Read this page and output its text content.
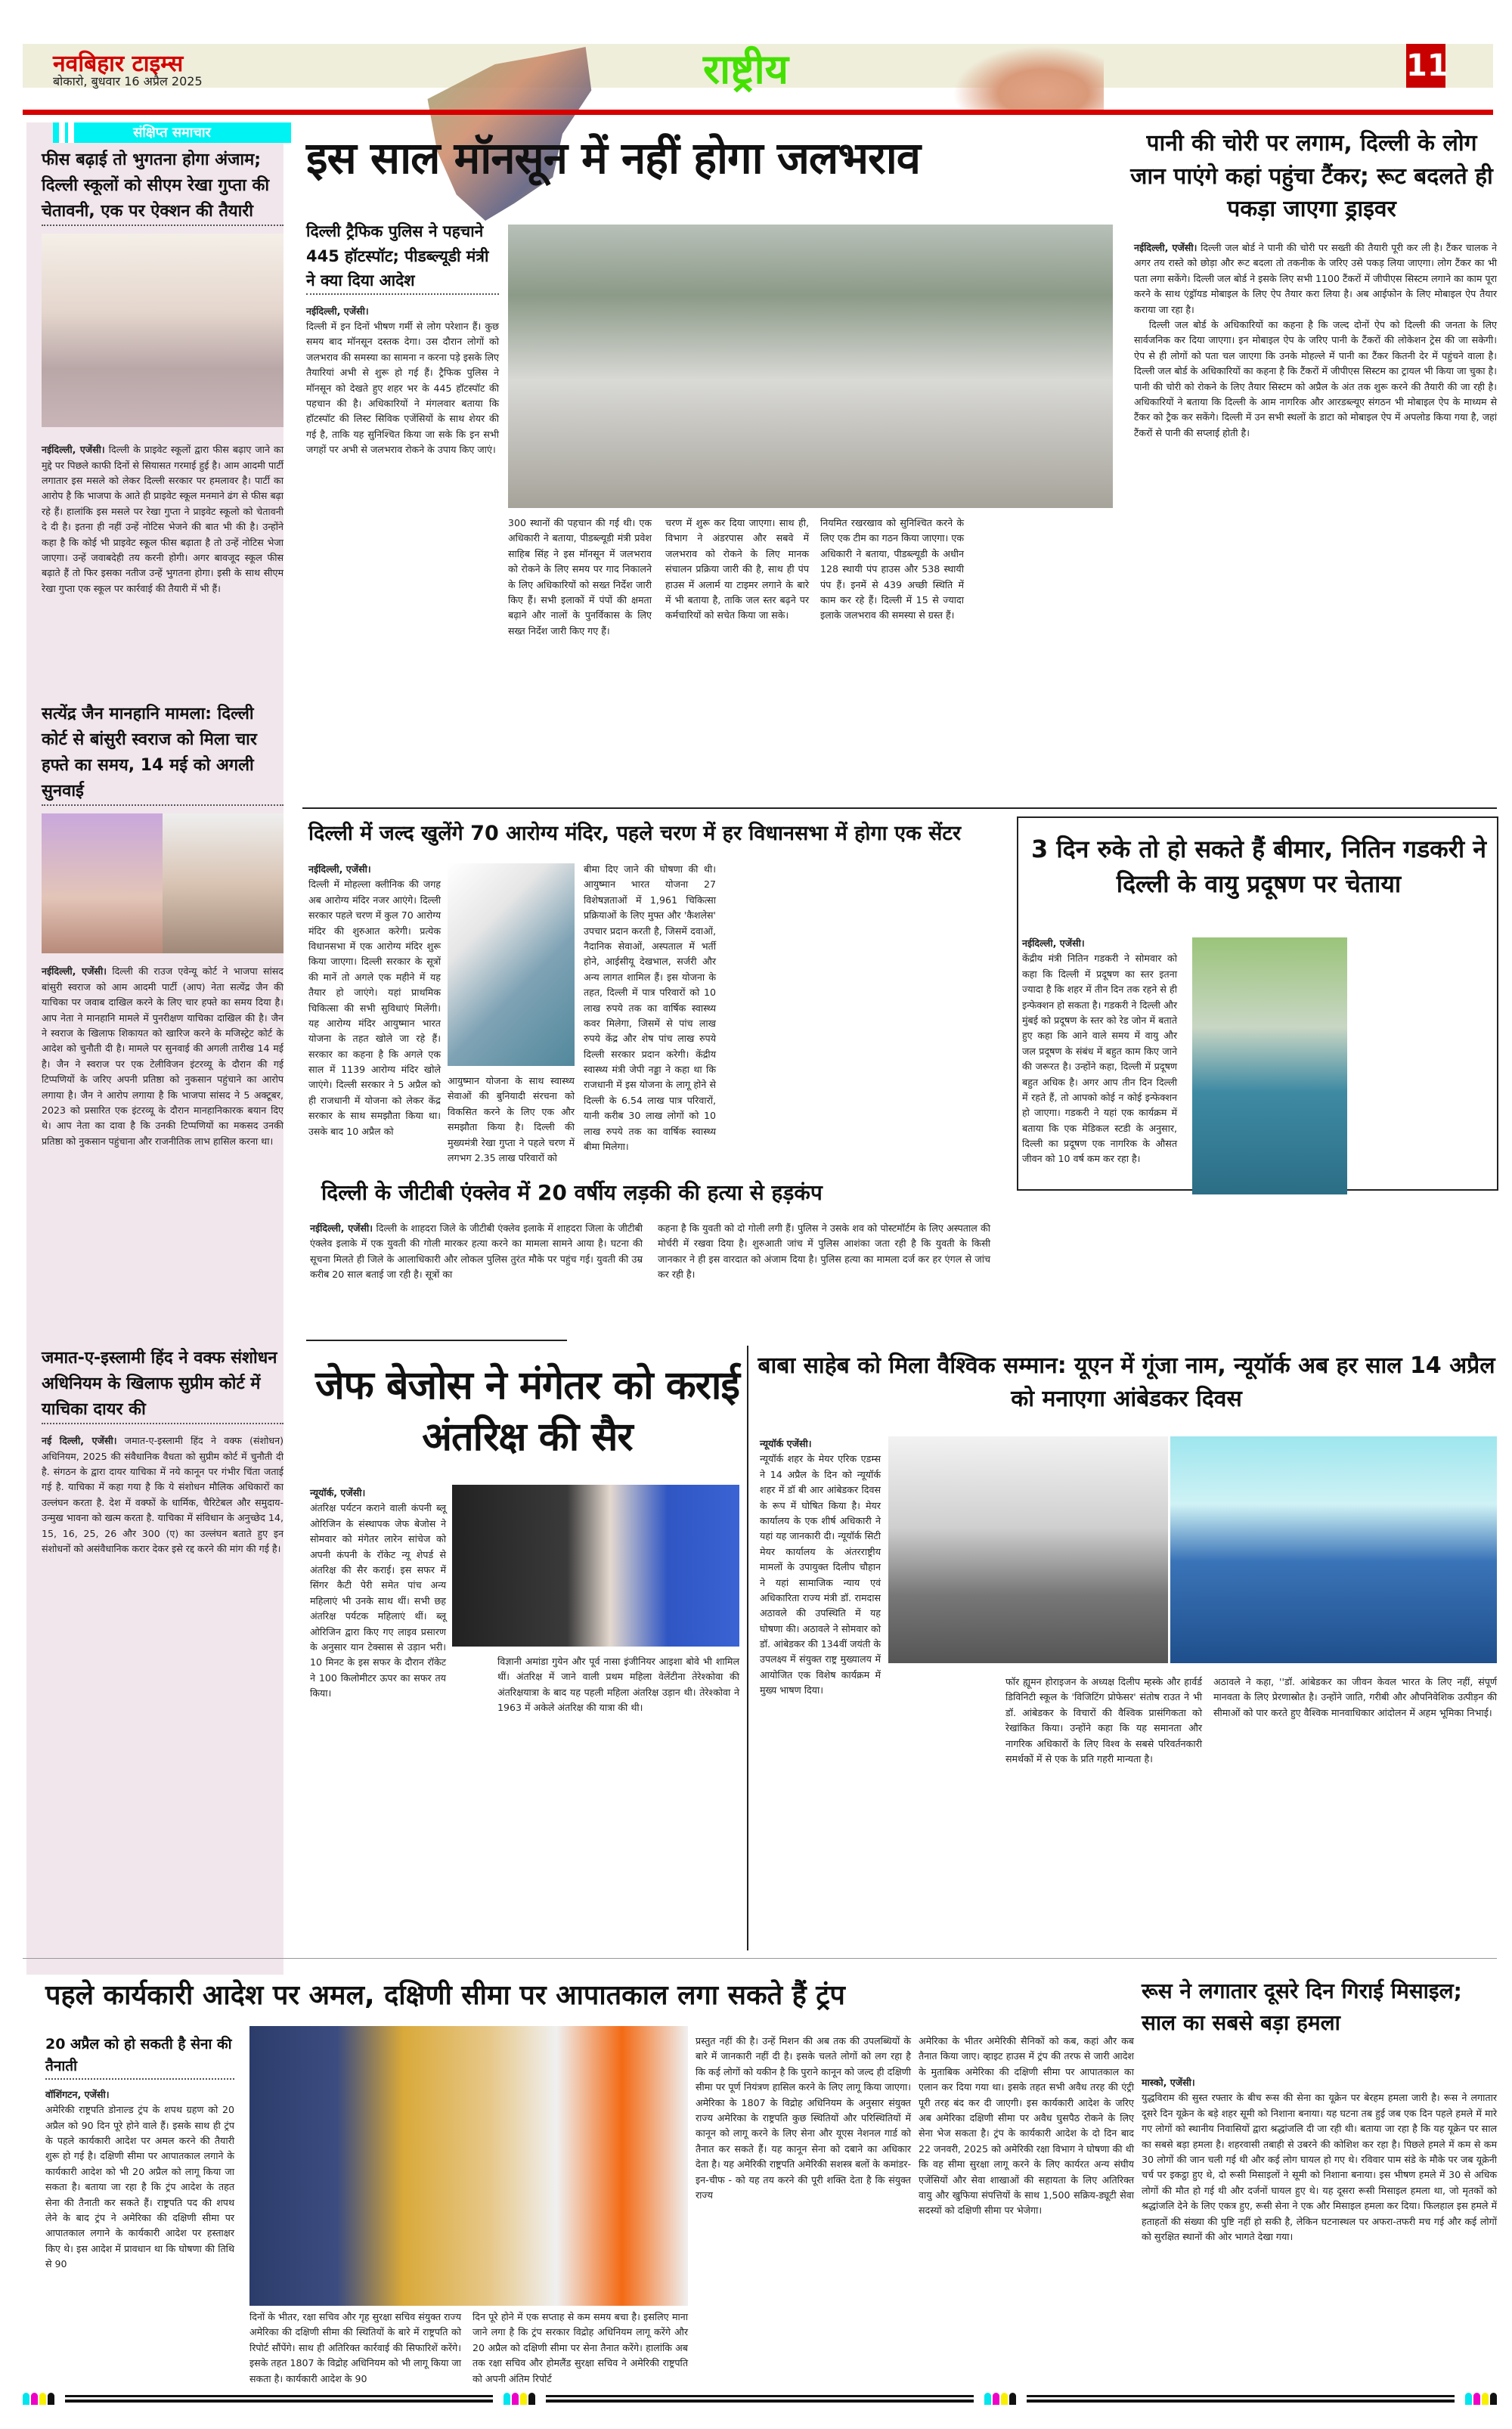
नवबिहार टाइम्स
बोकारो, बुधवार 16 अप्रैल 2025	राष्ट्रीय	11
संक्षिप्त समाचार
फीस बढ़ाई तो भुगतना होगा अंजाम; दिल्ली स्कूलों को सीएम रेखा गुप्ता की चेतावनी, एक पर ऐक्शन की तैयारी
नईदिल्ली, एजेंसी। दिल्ली के प्राइवेट स्कूलों द्वारा फीस बढ़ाए जाने का मुद्दे पर पिछले काफी दिनों से सियासत गरमाई हुई है। आम आदमी पार्टी लगातार इस मसले को लेकर दिल्ली सरकार पर हमलावर है। पार्टी का आरोप है कि भाजपा के आते ही प्राइवेट स्कूल मनमाने ढंग से फीस बढ़ा रहे हैं। हालांकि इस मसले पर रेखा गुप्ता ने प्राइवेट स्कूलो को चेतावनी दे दी है। इतना ही नहीं उन्हें नोटिस भेजने की बात भी की है। उन्होंने कहा है कि कोई भी प्राइवेट स्कूल फीस बढ़ाता है तो उन्हें नोटिस भेजा जाएगा। उन्हें जवाबदेही तय करनी होगी। अगर बावजूद स्कूल फीस बढ़ाते हैं तो फिर इसका नतीज उन्हें भुगतना होगा। इसी के साथ सीएम रेखा गुप्ता एक स्कूल पर कार्रवाई की तैयारी में भी हैं।
सत्येंद्र जैन मानहानि मामला: दिल्ली कोर्ट से बांसुरी स्वराज को मिला चार हफ्ते का समय, 14 मई को अगली सुनवाई
नईदिल्ली, एजेंसी। दिल्ली की राउज एवेन्यू कोर्ट ने भाजपा सांसद बांसुरी स्वराज को आम आदमी पार्टी (आप) नेता सत्येंद्र जैन की याचिका पर जवाब दाखिल करने के लिए चार हफ्ते का समय दिया है। आप नेता ने मानहानि मामले में पुनरीक्षण याचिका दाखिल की है। जैन ने स्वराज के खिलाफ शिकायत को खारिज करने के मजिस्ट्रेट कोर्ट के आदेश को चुनौती दी है। मामले पर सुनवाई की अगली तारीख 14 मई है। जैन ने स्वराज पर एक टेलीविजन इंटरव्यू के दौरान की गई टिप्पणियों के जरिए अपनी प्रतिष्ठा को नुकसान पहुंचाने का आरोप लगाया है। जैन ने आरोप लगाया है कि भाजपा सांसद ने 5 अक्टूबर, 2023 को प्रसारित एक इंटरव्यू के दौरान मानहानिकारक बयान दिए थे। आप नेता का दावा है कि उनकी टिप्पणियों का मकसद उनकी प्रतिष्ठा को नुकसान पहुंचाना और राजनीतिक लाभ हासिल करना था।
जमात-ए-इस्लामी हिंद ने वक्फ संशोधन अधिनियम के खिलाफ सुप्रीम कोर्ट में याचिका दायर की
नई दिल्ली, एजेंसी। जमात-ए-इस्लामी हिंद ने वक्फ (संशोधन) अधिनियम, 2025 की संवैधानिक वैधता को सुप्रीम कोर्ट में चुनौती दी है. संगठन के द्वारा दायर याचिका में नये कानून पर गंभीर चिंता जताई गई है. याचिका में कहा गया है कि ये संशोधन मौलिक अधिकारों का उल्लंघन करता है. देश में वक्फों के धार्मिक, चैरिटेबल और समुदाय-उन्मुख भावना को खत्म करता है. याचिका में संविधान के अनुच्छेद 14, 15, 16, 25, 26 और 300 (ए) का उल्लंघन बताते हुए इन संशोधनों को असंवैधानिक करार देकर इसे रद्द करने की मांग की गई है।
इस साल मॉनसून में नहीं होगा जलभराव
दिल्ली ट्रैफिक पुलिस ने पहचाने 445 हॉटस्पॉट; पीडब्ल्यूडी मंत्री ने क्या दिया आदेश
नईदिल्ली, एजेंसी।
दिल्ली में इन दिनों भीषण गर्मी से लोग परेशान हैं। कुछ समय बाद मॉनसून दस्तक देगा। उस दौरान लोगों को जलभराव की समस्या का सामना न करना पड़े इसके लिए तैयारियां अभी से शुरू हो गई हैं। ट्रैफिक पुलिस ने मॉनसून को देखते हुए शहर भर के 445 हॉटस्पॉट की पहचान की है। अधिकारियों ने मंगलवार बताया कि हॉटस्पॉट की लिस्ट सिविक एजेंसियों के साथ शेयर की गई है, ताकि यह सुनिश्चित किया जा सके कि इन सभी जगहों पर अभी से जलभराव रोकने के उपाय किए जाएं।
300 स्थानों की पहचान की गई थी। एक अधिकारी ने बताया, पीडब्ल्यूडी मंत्री प्रवेश साहिब सिंह ने इस मॉनसून में जलभराव को रोकने के लिए समय पर गाद निकालने के लिए अधिकारियों को सख्त निर्देश जारी किए हैं। सभी इलाकों में पंपों की क्षमता बढ़ाने और नालों के पुनर्विकास के लिए सख्त निर्देश जारी किए गए हैं।
चरण में शुरू कर दिया जाएगा। साथ ही, विभाग ने अंडरपास और सबवे में जलभराव को रोकने के लिए मानक संचालन प्रक्रिया जारी की है, साथ ही पंप हाउस में अलार्म या टाइमर लगाने के बारे में भी बताया है, ताकि जल स्तर बढ़ने पर कर्मचारियों को सचेत किया जा सके।
नियमित रखरखाव को सुनिश्चित करने के लिए एक टीम का गठन किया जाएगा। एक अधिकारी ने बताया, पीडब्ल्यूडी के अधीन 128 स्थायी पंप हाउस और 538 स्थायी पंप हैं। इनमें से 439 अच्छी स्थिति में काम कर रहे हैं। दिल्ली में 15 से ज्यादा इलाके जलभराव की समस्या से ग्रस्त हैं।
पानी की चोरी पर लगाम, दिल्ली के लोग जान पाएंगे कहां पहुंचा टैंकर; रूट बदलते ही पकड़ा जाएगा ड्राइवर
नईदिल्ली, एजेंसी। दिल्ली जल बोर्ड ने पानी की चोरी पर सख्ती की तैयारी पूरी कर ली है। टैंकर चालक ने अगर तय रास्ते को छोड़ा और रूट बदला तो तकनीक के जरिए उसे पकड़ लिया जाएगा। लोग टैंकर का भी पता लगा सकेंगे। दिल्ली जल बोर्ड ने इसके लिए सभी 1100 टैंकरों में जीपीएस सिस्टम लगाने का काम पूरा करने के साथ एंड्रॉयड मोबाइल के लिए ऐप तैयार करा लिया है। अब आईफोन के लिए मोबाइल ऐप तैयार कराया जा रहा है।
दिल्ली जल बोर्ड के अधिकारियों का कहना है कि जल्द दोनों ऐप को दिल्ली की जनता के लिए सार्वजनिक कर दिया जाएगा। इन मोबाइल ऐप के जरिए पानी के टैंकरों की लोकेशन ट्रेस की जा सकेगी। ऐप से ही लोगों को पता चल जाएगा कि उनके मोहल्ले में पानी का टैंकर कितनी देर में पहुंचने वाला है। दिल्ली जल बोर्ड के अधिकारियों का कहना है कि टैंकरों में जीपीएस सिस्टम का ट्रायल भी किया जा चुका है। पानी की चोरी को रोकने के लिए तैयार सिस्टम को अप्रैल के अंत तक शुरू करने की तैयारी की जा रही है। अधिकारियों ने बताया कि दिल्ली के आम नागरिक और आरडब्ल्यूए संगठन भी मोबाइल ऐप के माध्यम से टैंकर को ट्रैक कर सकेंगे। दिल्ली में उन सभी स्थलों के डाटा को मोबाइल ऐप में अपलोड किया गया है, जहां टैंकरों से पानी की सप्लाई होती है।
दिल्ली में जल्द खुलेंगे 70 आरोग्य मंदिर, पहले चरण में हर विधानसभा में होगा एक सेंटर
नईदिल्ली, एजेंसी।
दिल्ली में मोहल्ला क्लीनिक की जगह अब आरोग्य मंदिर नजर आएंगे। दिल्ली सरकार पहले चरण में कुल 70 आरोग्य मंदिर की शुरुआत करेगी। प्रत्येक विधानसभा में एक आरोग्य मंदिर शुरू किया जाएगा। दिल्ली सरकार के सूत्रों की मानें तो अगले एक महीने में यह तैयार हो जाएंगे। यहां प्राथमिक चिकित्सा की सभी सुविधाएं मिलेंगी। यह आरोग्य मंदिर आयुष्मान भारत योजना के तहत खोले जा रहे हैं। सरकार का कहना है कि अगले एक साल में 1139 आरोग्य मंदिर खोले जाएंगे। दिल्ली सरकार ने 5 अप्रैल को ही राजधानी में योजना को लेकर केंद्र सरकार के साथ समझौता किया था। उसके बाद 10 अप्रैल को
आयुष्मान योजना के साथ स्वास्थ्य सेवाओं की बुनियादी संरचना को विकसित करने के लिए एक और समझौता किया है। दिल्ली की मुख्यमंत्री रेखा गुप्ता ने पहले चरण में लगभग 2.35 लाख परिवारों को
बीमा दिए जाने की घोषणा की थी। आयुष्मान भारत योजना 27 विशेषज्ञताओं में 1,961 चिकित्सा प्रक्रियाओं के लिए मुफ्त और 'कैशलेस' उपचार प्रदान करती है, जिसमें दवाओं, नैदानिक सेवाओं, अस्पताल में भर्ती होने, आईसीयू देखभाल, सर्जरी और अन्य लागत शामिल हैं। इस योजना के तहत, दिल्ली में पात्र परिवारों को 10 लाख रुपये तक का वार्षिक स्वास्थ्य कवर मिलेगा, जिसमें से पांच लाख रुपये केंद्र और शेष पांच लाख रुपये दिल्ली सरकार प्रदान करेगी। केंद्रीय स्वास्थ्य मंत्री जेपी नड्डा ने कहा था कि राजधानी में इस योजना के लागू होने से दिल्ली के 6.54 लाख पात्र परिवारों, यानी करीब 30 लाख लोगों को 10 लाख रुपये तक का वार्षिक स्वास्थ्य बीमा मिलेगा।
3 दिन रुके तो हो सकते हैं बीमार, नितिन गडकरी ने दिल्ली के वायु प्रदूषण पर चेताया
नईदिल्ली, एजेंसी।
केंद्रीय मंत्री नितिन गडकरी ने सोमवार को कहा कि दिल्ली में प्रदूषण का स्तर इतना ज्यादा है कि शहर में तीन दिन तक रहने से ही इन्फेक्शन हो सकता है। गडकरी ने दिल्ली और मुंबई को प्रदूषण के स्तर को रेड जोन में बताते हुए कहा कि आने वाले समय में वायु और जल प्रदूषण के संबंध में बहुत काम किए जाने की जरूरत है। उन्होंने कहा, दिल्ली में प्रदूषण बहुत अधिक है। अगर आप तीन दिन दिल्ली में रहते हैं, तो आपको कोई न कोई इन्फेक्शन हो जाएगा। गडकरी ने यहां एक कार्यक्रम में बताया कि एक मेडिकल स्टडी के अनुसार, दिल्ली का प्रदूषण एक नागरिक के औसत जीवन को 10 वर्ष कम कर रहा है।
दिल्ली के जीटीबी एंक्लेव में 20 वर्षीय लड़की की हत्या से हड़कंप
नईदिल्ली, एजेंसी। दिल्ली के शाहदरा जिले के जीटीबी एंक्लेव इलाके में शाहदरा जिला के जीटीबी एंक्लेव इलाके में एक युवती की गोली मारकर हत्या करने का मामला सामने आया है। घटना की सूचना मिलते ही जिले के आलाधिकारी और लोकल पुलिस तुरंत मौके पर पहुंच गई। युवती की उम्र करीब 20 साल बताई जा रही है। सूत्रों का
कहना है कि युवती को दो गोली लगी हैं। पुलिस ने उसके शव को पोस्टमॉर्टम के लिए अस्पताल की मोर्चरी में रखवा दिया है। शुरुआती जांच में पुलिस आशंका जता रही है कि युवती के किसी जानकार ने ही इस वारदात को अंजाम दिया है। पुलिस हत्या का मामला दर्ज कर हर एंगल से जांच कर रही है।
जेफ बेजोस ने मंगेतर को कराई अंतरिक्ष की सैर
न्यूयॉर्क, एजेंसी।
अंतरिक्ष पर्यटन कराने वाली कंपनी ब्लू ओरिजिन के संस्थापक जेफ बेजोस ने सोमवार को मंगेतर लारेन सांचेज को अपनी कंपनी के रॉकेट न्यू शेपर्ड से अंतरिक्ष की सैर कराई। इस सफर में सिंगर कैटी पेरी समेत पांच अन्य महिलाएं भी उनके साथ थीं। सभी छह अंतरिक्ष पर्यटक महिलाएं थीं। ब्लू ओरिजिन द्वारा किए गए लाइव प्रसारण के अनुसार यान टेक्सास से उड़ान भरी। 10 मिनट के इस सफर के दौरान रॉकेट ने 100 किलोमीटर ऊपर का सफर तय किया।
विज्ञानी अमांडा गुयेन और पूर्व नासा इंजीनियर आइशा बोवे भी शामिल थीं। अंतरिक्ष में जाने वाली प्रथम महिला वेलेंटीना तेरेश्कोवा की अंतरिक्षयात्रा के बाद यह पहली महिला अंतरिक्ष उड़ान थी। तेरेश्कोवा ने 1963 में अकेले अंतरिक्ष की यात्रा की थी।
बाबा साहेब को मिला वैश्विक सम्मान: यूएन में गूंजा नाम, न्यूयॉर्क अब हर साल 14 अप्रैल को मनाएगा आंबेडकर दिवस
न्यूयॉर्क एजेंसी।
न्यूयॉर्क शहर के मेयर एरिक एडम्स ने 14 अप्रैल के दिन को न्यूयॉर्क शहर में डॉ बी आर आंबेडकर दिवस के रूप में घोषित किया है। मेयर कार्यालय के एक शीर्ष अधिकारी ने यहां यह जानकारी दी। न्यूयॉर्क सिटी मेयर कार्यालय के अंतरराष्ट्रीय मामलों के उपायुक्त दिलीप चौहान ने यहां सामाजिक न्याय एवं अधिकारिता राज्य मंत्री डॉ. रामदास अठावले की उपस्थिति में यह घोषणा की। अठावले ने सोमवार को डॉ. आंबेडकर की 134वीं जयंती के उपलक्ष्य में संयुक्त राष्ट्र मुख्यालय में आयोजित एक विशेष कार्यक्रम में मुख्य भाषण दिया।
फॉर ह्यूमन होराइजन के अध्यक्ष दिलीप म्हस्के और हार्वर्ड डिविनिटी स्कूल के 'विजिटिंग प्रोफेसर' संतोष राउत ने भी डॉ. आंबेडकर के विचारों की वैश्विक प्रासंगिकता को रेखांकित किया। उन्होंने कहा कि यह समानता और नागरिक अधिकारों के लिए विश्व के सबसे परिवर्तनकारी समर्थकों में से एक के प्रति गहरी मान्यता है।
अठावले ने कहा, ''डॉ. आंबेडकर का जीवन केवल भारत के लिए नहीं, संपूर्ण मानवता के लिए प्रेरणास्रोत है। उन्होंने जाति, गरीबी और औपनिवेशिक उत्पीड़न की सीमाओं को पार करते हुए वैश्विक मानवाधिकार आंदोलन में अहम भूमिका निभाई।
पहले कार्यकारी आदेश पर अमल, दक्षिणी सीमा पर आपातकाल लगा सकते हैं ट्रंप
20 अप्रैल को हो सकती है सेना की तैनाती
वॉशिंगटन, एजेंसी।
अमेरिकी राष्ट्रपति डोनाल्ड ट्रंप के शपथ ग्रहण को 20 अप्रैल को 90 दिन पूरे होने वाले हैं। इसके साथ ही ट्रंप के पहले कार्यकारी आदेश पर अमल करने की तैयारी शुरू हो गई है। दक्षिणी सीमा पर आपातकाल लगाने के कार्यकारी आदेश को भी 20 अप्रैल को लागू किया जा सकता है। बताया जा रहा है कि ट्रंप आदेश के तहत सेना की तैनाती कर सकते हैं। राष्ट्रपति पद की शपथ लेने के बाद ट्रंप ने अमेरिका की दक्षिणी सीमा पर आपातकाल लगाने के कार्यकारी आदेश पर हस्ताक्षर किए थे। इस आदेश में प्रावधान था कि घोषणा की तिथि से 90
दिनों के भीतर, रक्षा सचिव और गृह सुरक्षा सचिव संयुक्त राज्य अमेरिका की दक्षिणी सीमा की स्थितियों के बारे में राष्ट्रपति को रिपोर्ट सौंपेंगे। साथ ही अतिरिक्त कार्रवाई की सिफारिशें करेंगे। इसके तहत 1807 के विद्रोह अधिनियम को भी लागू किया जा सकता है। कार्यकारी आदेश के 90
दिन पूरे होने में एक सप्ताह से कम समय बचा है। इसलिए माना जाने लगा है कि ट्रंप सरकार विद्रोह अधिनियम लागू करेंगे और 20 अप्रैल को दक्षिणी सीमा पर सेना तैनात करेंगे। हालांकि अब तक रक्षा सचिव और होमलैंड सुरक्षा सचिव ने अमेरिकी राष्ट्रपति को अपनी अंतिम रिपोर्ट
प्रस्तुत नहीं की है। उन्हें मिशन की अब तक की उपलब्धियों के बारे में जानकारी नहीं दी है। इसके चलते लोगों को लग रहा है कि कई लोगों को यकीन है कि पुराने कानून को जल्द ही दक्षिणी सीमा पर पूर्ण नियंत्रण हासिल करने के लिए लागू किया जाएगा। अमेरिका के 1807 के विद्रोह अधिनियम के अनुसार संयुक्त राज्य अमेरिका के राष्ट्रपति कुछ स्थितियों और परिस्थितियों में कानून को लागू करने के लिए सेना और यूएस नेशनल गार्ड को तैनात कर सकते हैं। यह कानून सेना को दबाने का अधिकार देता है। यह अमेरिकी राष्ट्रपति अमेरिकी सशस्त्र बलों के कमांडर-इन-चीफ - को यह तय करने की पूरी शक्ति देता है कि संयुक्त राज्य
अमेरिका के भीतर अमेरिकी सैनिकों को कब, कहां और कब तैनात किया जाए। व्हाइट हाउस में ट्रंप की तरफ से जारी आदेश के मुताबिक अमेरिका की दक्षिणी सीमा पर आपातकाल का एलान कर दिया गया था। इसके तहत सभी अवैध तरह की एंट्री पूरी तरह बंद कर दी जाएगी। इस कार्यकारी आदेश के जरिए अब अमेरिका दक्षिणी सीमा पर अवैध घुसपैठ रोकने के लिए सेना भेज सकता है। ट्रंप के कार्यकारी आदेश के दो दिन बाद 22 जनवरी, 2025 को अमेरिकी रक्षा विभाग ने घोषणा की थी कि वह सीमा सुरक्षा लागू करने के लिए कार्यरत अन्य संघीय एजेंसियों और सेवा शाखाओं की सहायता के लिए अतिरिक्त वायु और खुफिया संपत्तियों के साथ 1,500 सक्रिय-ड्यूटी सेवा सदस्यों को दक्षिणी सीमा पर भेजेगा।
रूस ने लगातार दूसरे दिन गिराई मिसाइल; साल का सबसे बड़ा हमला
मास्को, एजेंसी।
युद्धविराम की सुस्त रफ्तार के बीच रूस की सेना का यूक्रेन पर बेरहम हमला जारी है। रूस ने लगातार दूसरे दिन यूक्रेन के बड़े शहर सूमी को निशाना बनाया। यह घटना तब हुई जब एक दिन पहले हमले में मारे गए लोगों को स्थानीय निवासियों द्वारा श्रद्धांजलि दी जा रही थी। बताया जा रहा है कि यह यूक्रेन पर साल का सबसे बड़ा हमला है। शहरवासी तबाही से उबरने की कोशिश कर रहा है। पिछले हमले में कम से कम 30 लोगों की जान चली गई थी और कई लोग घायल हो गए थे। रविवार पाम संडे के मौके पर जब यूक्रेनी चर्च पर इकट्ठा हुए थे, दो रूसी मिसाइलों ने सूमी को निशाना बनाया। इस भीषण हमले में 30 से अधिक लोगों की मौत हो गई थी और दर्जनों घायल हुए थे। यह दूसरा रूसी मिसाइल हमला था, जो मृतकों को श्रद्धांजलि देने के लिए एकत्र हुए, रूसी सेना ने एक और मिसाइल हमला कर दिया। फिलहाल इस हमले में हताहतों की संख्या की पुष्टि नहीं हो सकी है, लेकिन घटनास्थल पर अफरा-तफरी मच गई और कई लोगों को सुरक्षित स्थानों की ओर भागते देखा गया।
